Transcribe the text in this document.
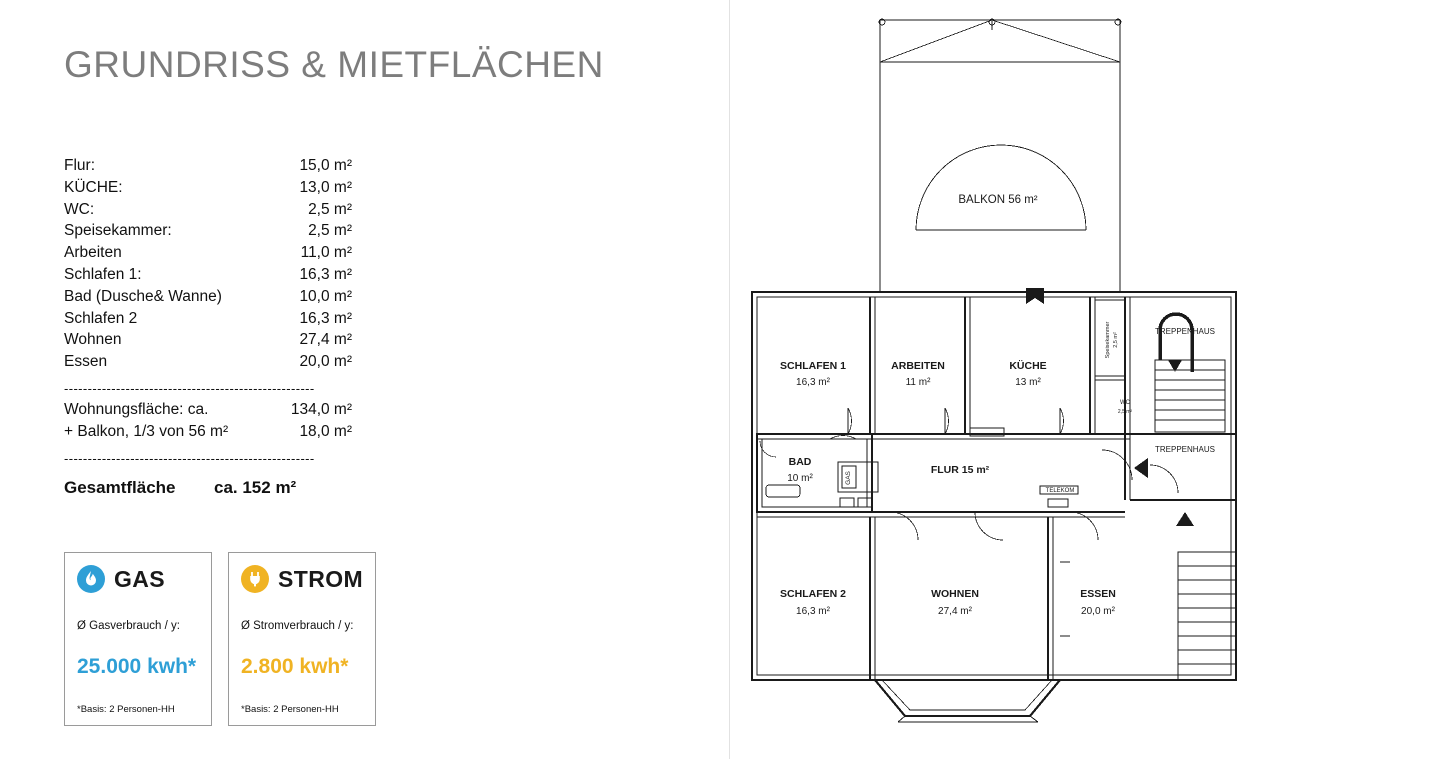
GRUNDRISS & MIETFLÄCHEN
Flur:	15,0 m²
KÜCHE:	13,0 m²
WC:	2,5 m²
Speisekammer:	2,5 m²
Arbeiten	11,0 m²
Schlafen 1:	16,3 m²
Bad (Dusche& Wanne)	10,0 m²
Schlafen 2	16,3 m²
Wohnen	27,4 m²
Essen	20,0 m²
-----------------------------------------------------
Wohnungsfläche: ca.	134,0 m²
+ Balkon, 1/3 von 56 m²	18,0 m²
-----------------------------------------------------
Gesamtfläche	ca. 152 m²
GAS
Ø Gasverbrauch / y:
25.000 kwh*
*Basis: 2 Personen-HH
STROM
Ø Stromverbrauch / y:
2.800 kwh*
*Basis: 2 Personen-HH
BALKON 56 m²
SCHLAFEN 1
16,3 m²
ARBEITEN
11 m²
KÜCHE
13 m²
BAD
10 m²
SCHLAFEN 2
16,3 m²
WOHNEN
27,4 m²
ESSEN
20,0 m²
FLUR 15 m²
WC
2,5 m²
TREPPENHAUS
TREPPENHAUS
TELEKOM
Speisekammer 2,5 m²
GAS
